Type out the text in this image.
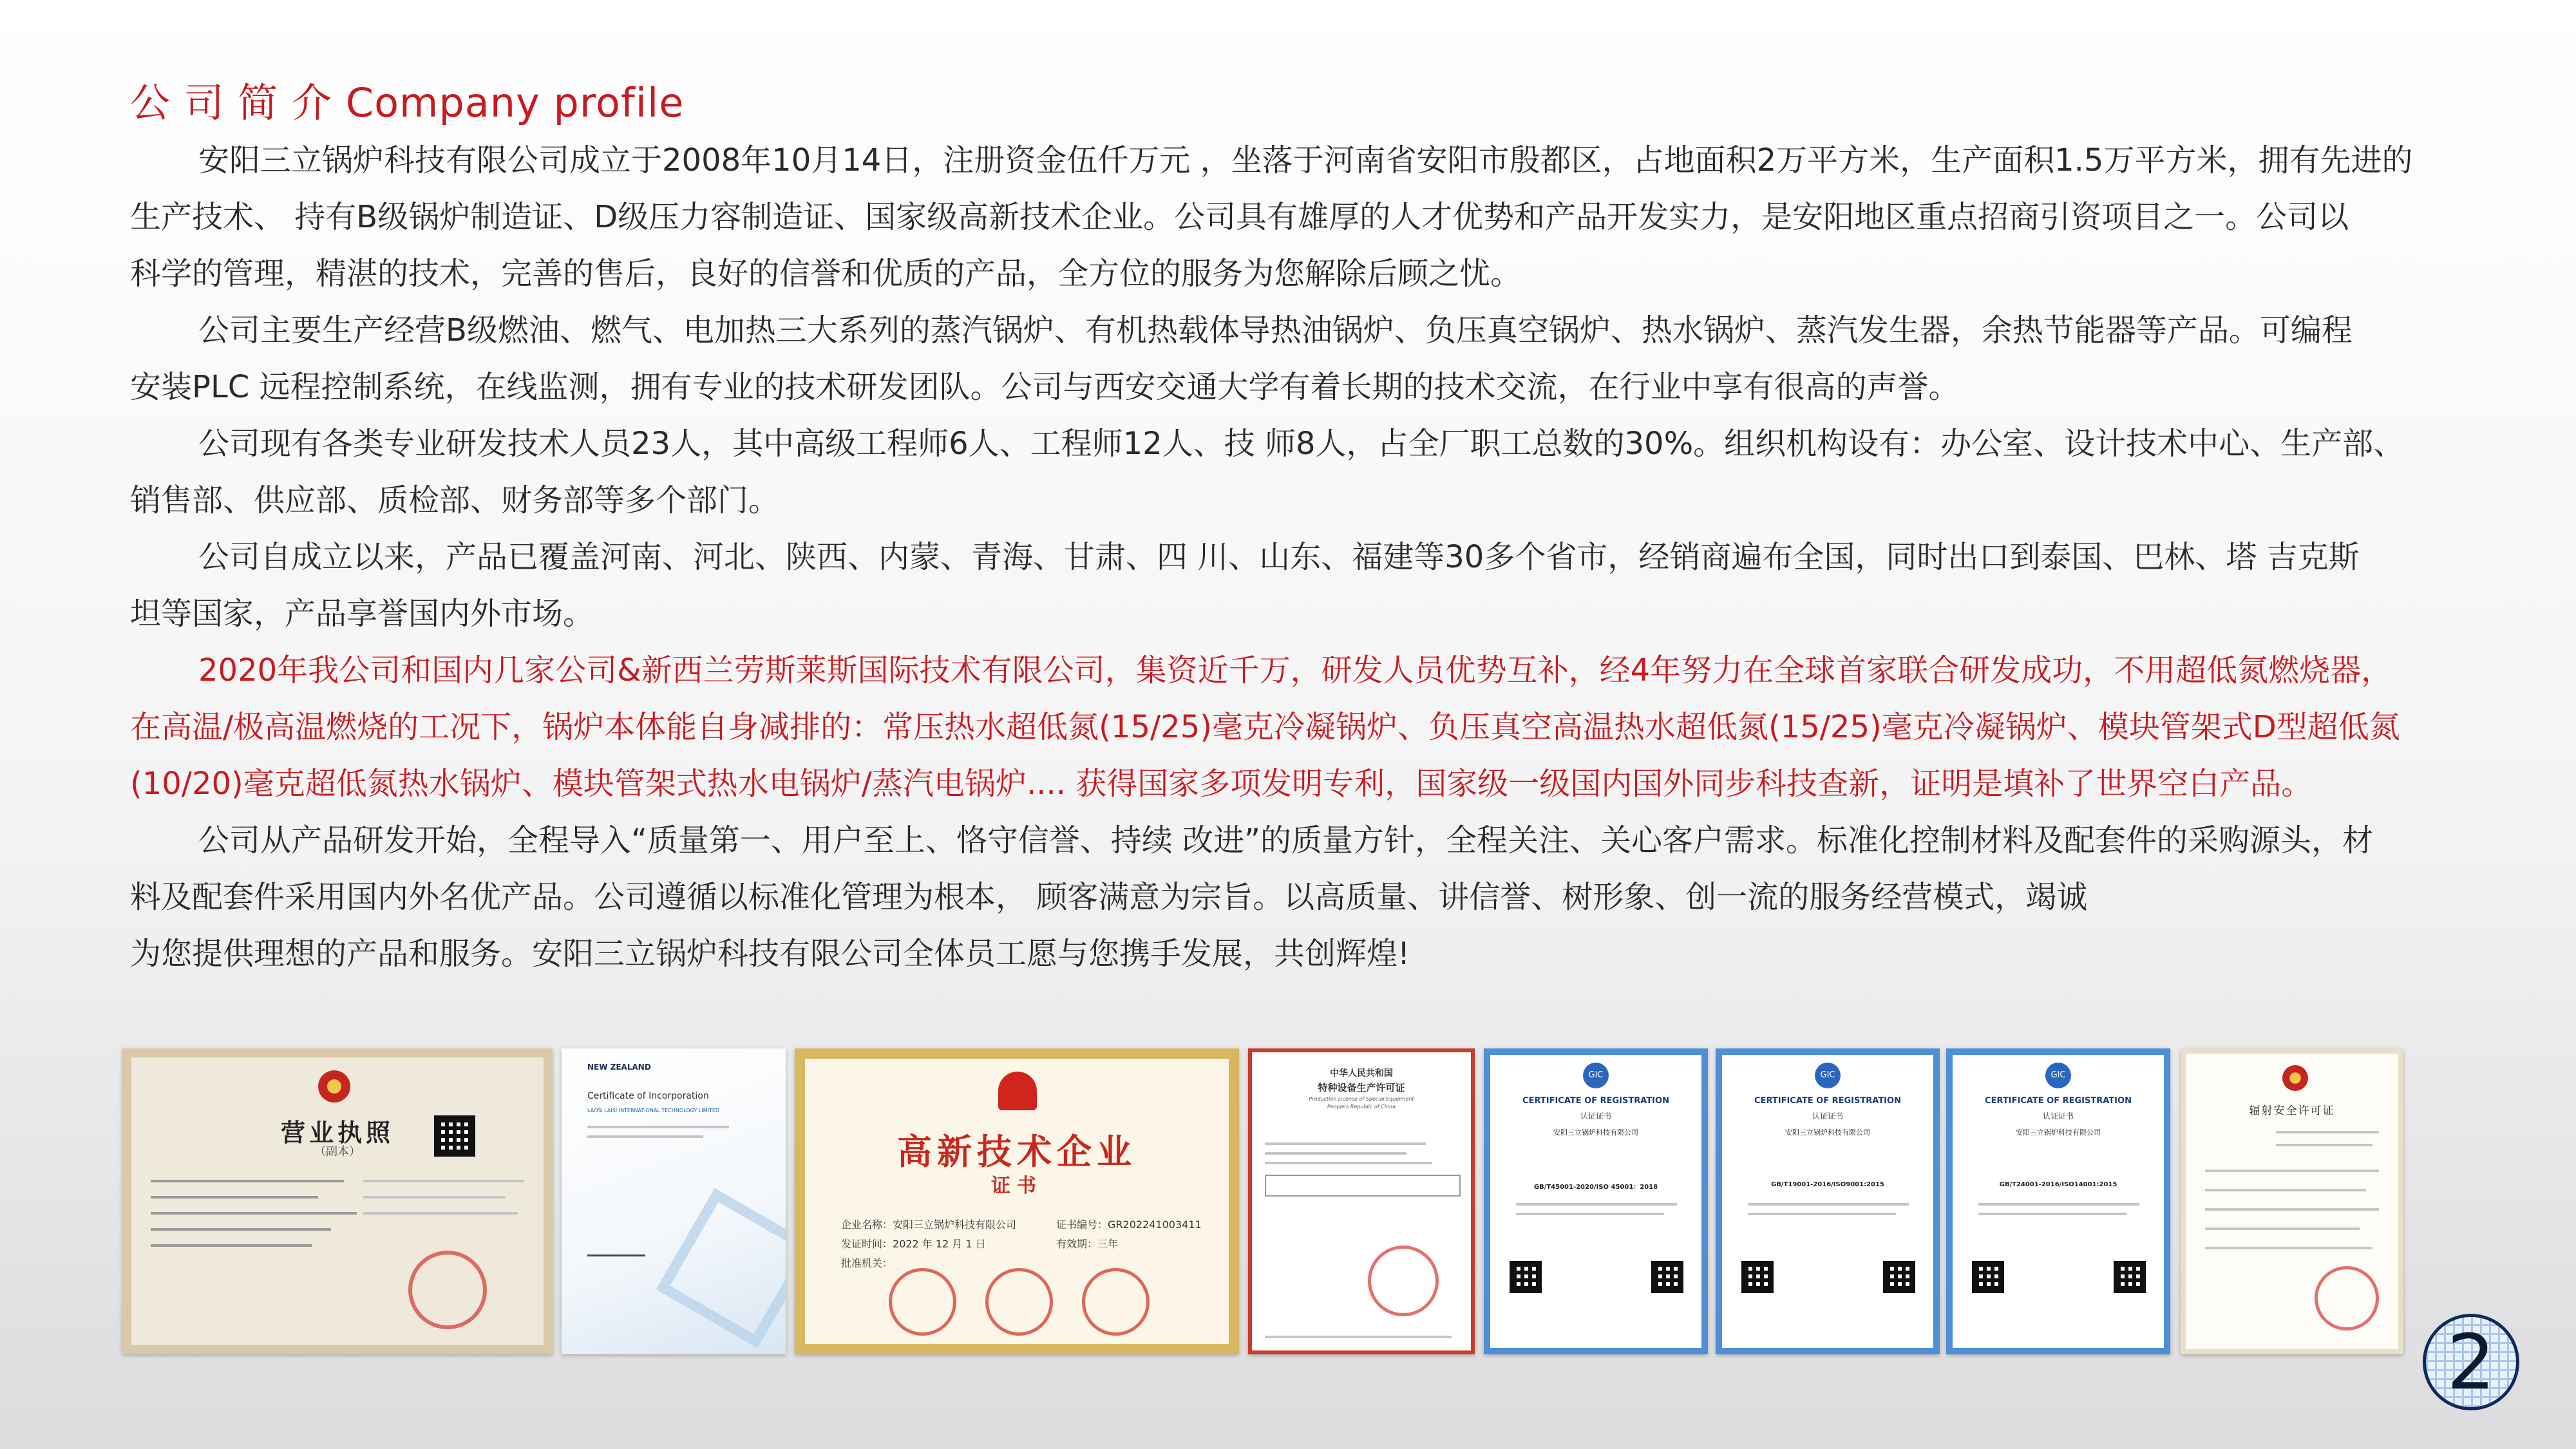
公 司 简 介 Company profile

安阳三立锅炉科技有限公司成立于2008年10月14日，注册资金伍仟万元 ，坐落于河南省安阳市殷都区，占地面积2万平方米，生产面积1.5万平方米，拥有先进的
生产技术、 持有B级锅炉制造证、D级压力容制造证、国家级高新技术企业。公司具有雄厚的人才优势和产品开发实力，是安阳地区重点招商引资项目之一。公司以
科学的管理，精湛的技术，完善的售后，良好的信誉和优质的产品，全方位的服务为您解除后顾之忧。

公司主要生产经营B级燃油、燃气、电加热三大系列的蒸汽锅炉、有机热载体导热油锅炉、负压真空锅炉、热水锅炉、蒸汽发生器，余热节能器等产品。可编程
安装PLC 远程控制系统，在线监测，拥有专业的技术研发团队。公司与西安交通大学有着长期的技术交流，在行业中享有很高的声誉。

公司现有各类专业研发技术人员23人，其中高级工程师6人、工程师12人、技 师8人，占全厂职工总数的30%。组织机构设有：办公室、设计技术中心、生产部、
销售部、供应部、质检部、财务部等多个部门。

公司自成立以来，产品已覆盖河南、河北、陕西、内蒙、青海、甘肃、四 川、山东、福建等30多个省市，经销商遍布全国，同时出口到泰国、巴林、塔 吉克斯
坦等国家，产品享誉国内外市场。

2020年我公司和国内几家公司&新西兰劳斯莱斯国际技术有限公司，集资近千万，研发人员优势互补，经4年努力在全球首家联合研发成功，不用超低氮燃烧器，
在高温/极高温燃烧的工况下，锅炉本体能自身减排的：常压热水超低氮(15/25)毫克冷凝锅炉、负压真空高温热水超低氮(15/25)毫克冷凝锅炉、模块管架式D型超低氮
(10/20)毫克超低氮热水锅炉、模块管架式热水电锅炉/蒸汽电锅炉.... 获得国家多项发明专利，国家级一级国内国外同步科技查新，证明是填补了世界空白产品。

公司从产品研发开始，全程导入“质量第一、用户至上、恪守信誉、持续 改进”的质量方针，全程关注、关心客户需求。标准化控制材料及配套件的采购源头，材
料及配套件采用国内外名优产品。公司遵循以标准化管理为根本， 顾客满意为宗旨。以高质量、讲信誉、树形象、创一流的服务经营模式，竭诚
为您提供理想的产品和服务。安阳三立锅炉科技有限公司全体员工愿与您携手发展，共创辉煌!

营业执照
（副本）
NEW ZEALAND
Certificate of Incorporation
LAOSI LAISI INTERNATIONAL TECHNOLOGY LIMITED
高新技术企业
证书
企业名称：安阳三立锅炉科技有限公司	证书编号：GR202241003411
发证时间：2022 年 12 月 1 日	有效期：三年
批准机关：
中华人民共和国
特种设备生产许可证
Production License of Special Equipment
People's Republic of China
GIC
CERTIFICATE OF REGISTRATION
认证证书
安阳三立锅炉科技有限公司
GB/T45001-2020/ISO 45001：2018
GIC
CERTIFICATE OF REGISTRATION
认证证书
安阳三立锅炉科技有限公司
GB/T19001-2016/ISO9001:2015
GIC
CERTIFICATE OF REGISTRATION
认证证书
安阳三立锅炉科技有限公司
GB/T24001-2016/ISO14001:2015
辐射安全许可证
2
